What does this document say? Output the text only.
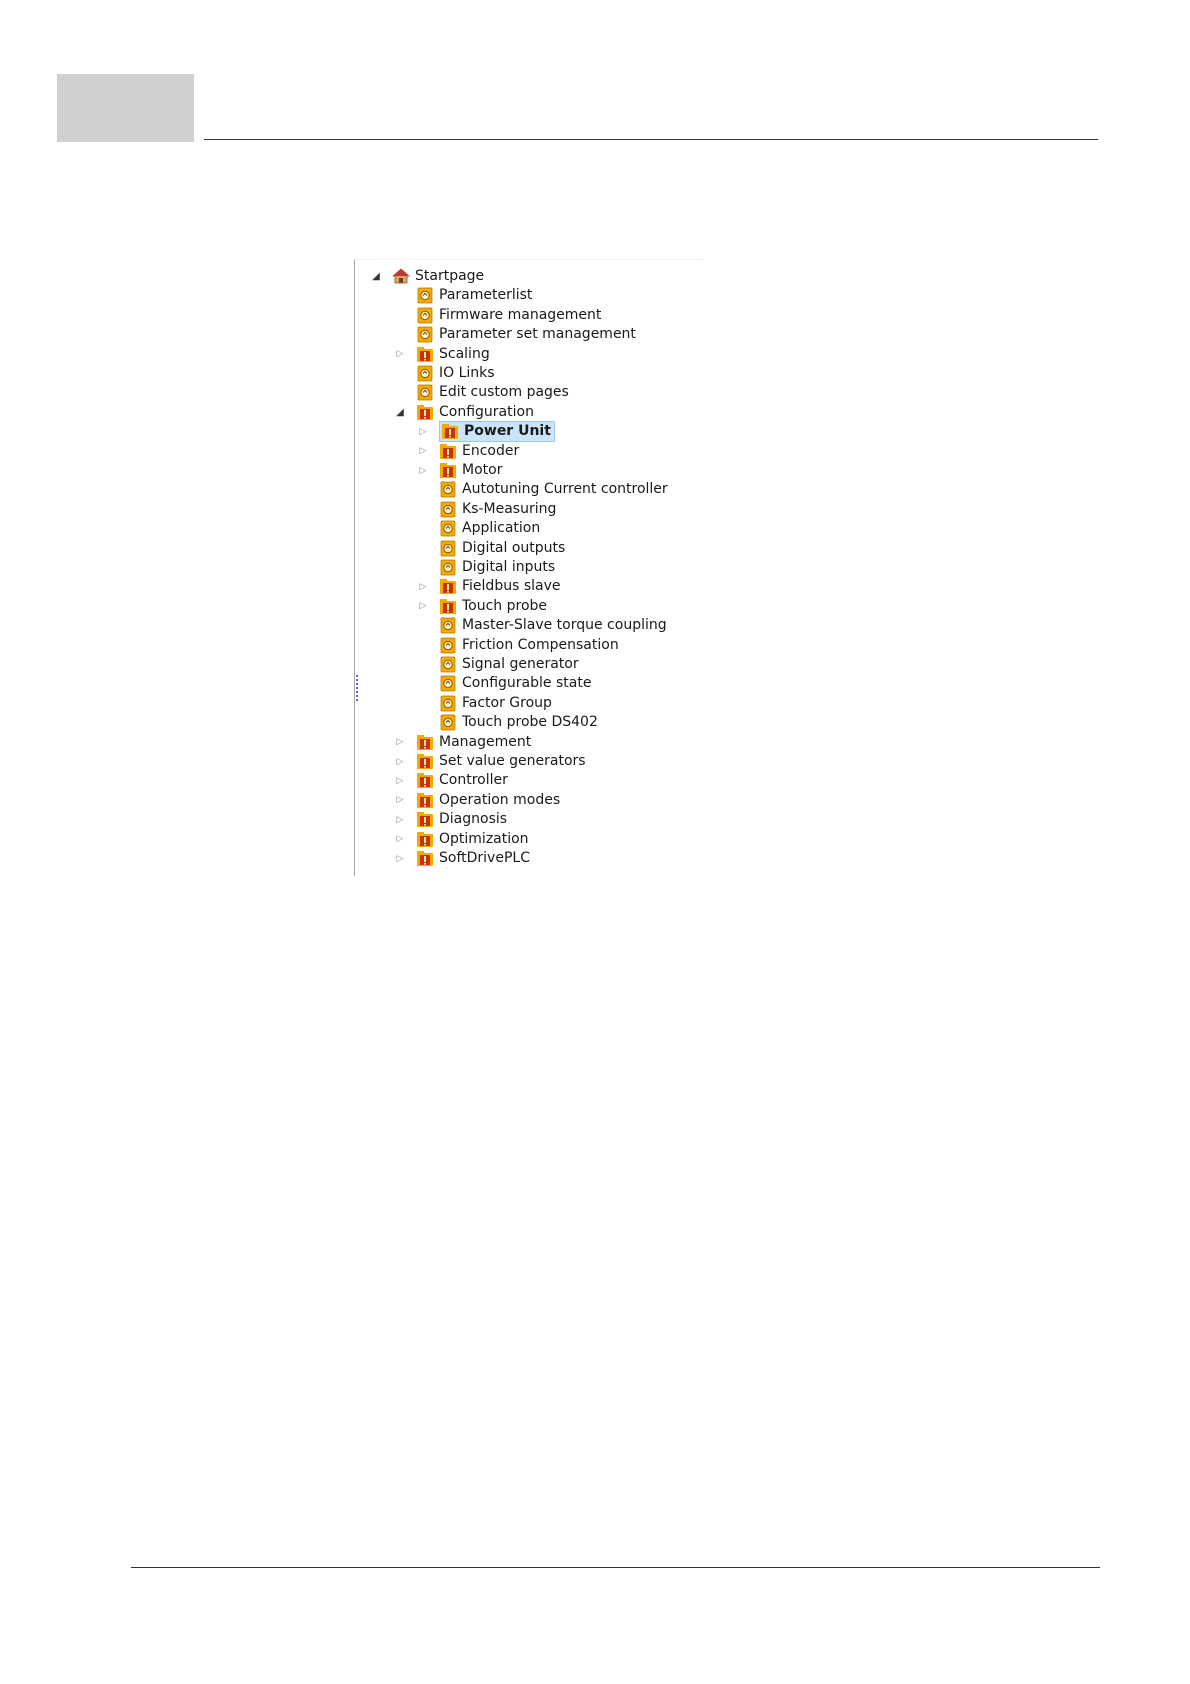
◢	Startpage
Parameterlist
Firmware management
Parameter set management
▷	Scaling
IO Links
Edit custom pages
◢	Configuration
▷	Power Unit
▷	Encoder
▷	Motor
Autotuning Current controller
Ks-Measuring
Application
Digital outputs
Digital inputs
▷	Fieldbus slave
▷	Touch probe
Master-Slave torque coupling
Friction Compensation
Signal generator
Configurable state
Factor Group
Touch probe DS402
▷	Management
▷	Set value generators
▷	Controller
▷	Operation modes
▷	Diagnosis
▷	Optimization
▷	SoftDrivePLC
